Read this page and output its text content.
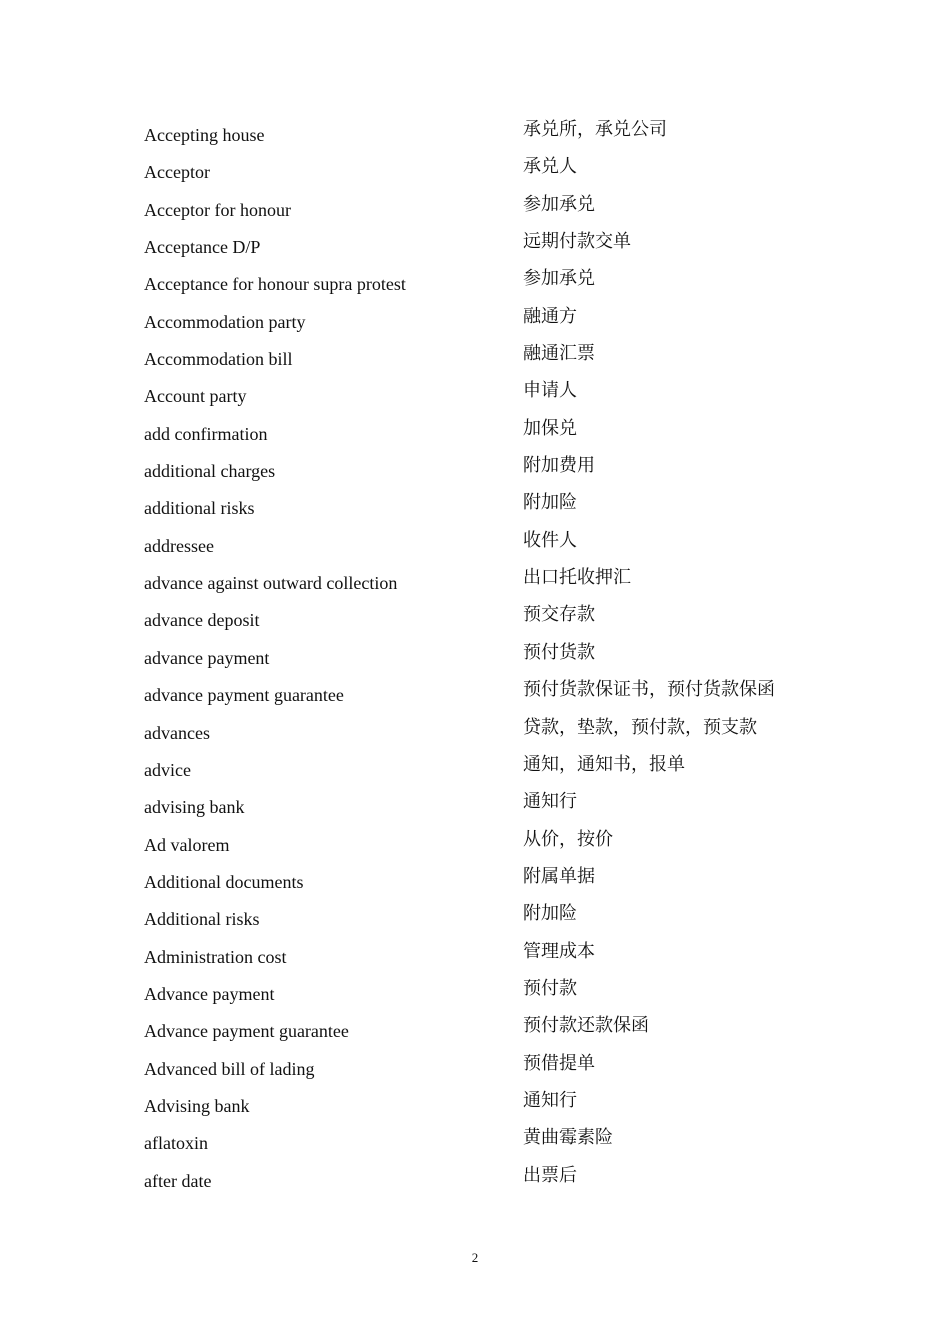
Accepting house	承兑所，承兑公司
Acceptor	承兑人
Acceptor for honour	参加承兑
Acceptance D/P	远期付款交单
Acceptance for honour supra protest	参加承兑
Accommodation party	融通方
Accommodation bill	融通汇票
Account party	申请人
add confirmation	加保兑
additional charges	附加费用
additional risks	附加险
addressee	收件人
advance against outward collection	出口托收押汇
advance deposit	预交存款
advance payment	预付货款
advance payment guarantee	预付货款保证书，预付货款保函
advances	贷款，垫款，预付款，预支款
advice	通知，通知书，报单
advising bank	通知行
Ad valorem	从价，按价
Additional documents	附属单据
Additional risks	附加险
Administration cost	管理成本
Advance payment	预付款
Advance payment guarantee	预付款还款保函
Advanced bill of lading	预借提单
Advising bank	通知行
aflatoxin	黄曲霉素险
after date	出票后
2
